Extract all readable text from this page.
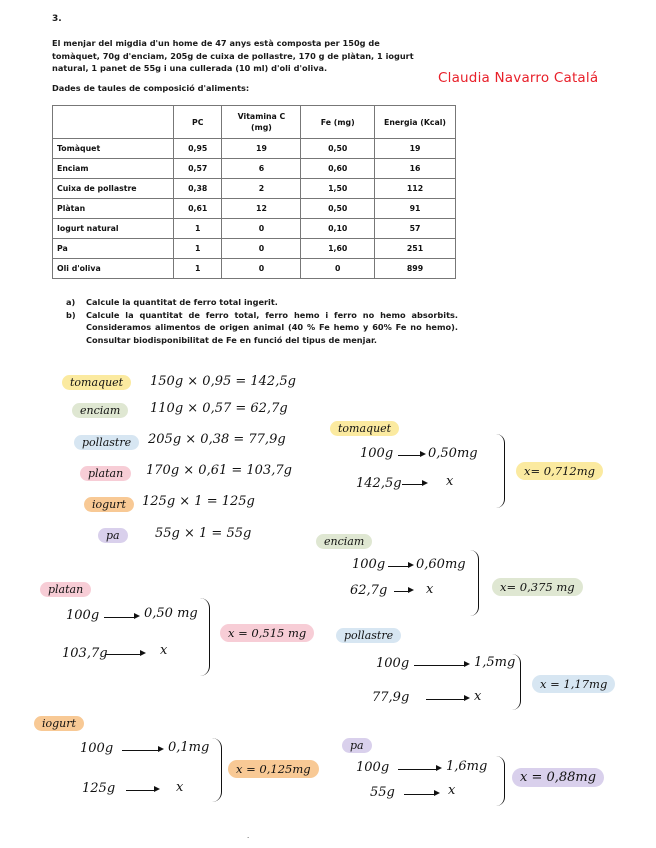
3.
El menjar del migdia d'un home de 47 anys està composta per 150g de tomàquet, 70g d'enciam, 205g de cuixa de pollastre, 170 g de plàtan, 1 iogurt natural, 1 panet de 55g i una cullerada (10 ml) d'oli d'oliva.
Claudia Navarro Catalá
Dades de taules de composició d'aliments:
	PC	Vitamina C (mg)	Fe (mg)	Energia (Kcal)
Tomàquet	0,95	19	0,50	19
Enciam	0,57	6	0,60	16
Cuixa de pollastre	0,38	2	1,50	112
Plàtan	0,61	12	0,50	91
Iogurt natural	1	0	0,10	57
Pa	1	0	1,60	251
Oli d'oliva	1	0	0	899
a)	Calcule la quantitat de ferro total ingerit.
b)	Calcule la quantitat de ferro total, ferro hemo i ferro no hemo absorbits. Consideramos alimentos de origen animal (40 % Fe hemo y 60% Fe no hemo). Consultar biodisponibilitat de Fe en funció del tipus de menjar.
tomaquet	150g × 0,95 = 142,5g
enciam	110g × 0,57 = 62,7g
pollastre	205g × 0,38 = 77,9g
platan	170g × 0,61 = 103,7g
iogurt	125g × 1 = 125g
pa	55g × 1 = 55g
tomaquet
100g	0,50mg
142,5g	x
x= 0,712mg
enciam
100g 0,60mg
62,7g	x	x= 0,375 mg
platan
100g	0,50 mg
103,7g	x
x = 0,515 mg	pollastre
100g	1,5mg
77,9g	x
x = 1,17mg
iogurt
100g	0,1mg
125g	x
x = 0,125mg
pa
100g	1,6mg
55g	x
x = 0,88mg
.
